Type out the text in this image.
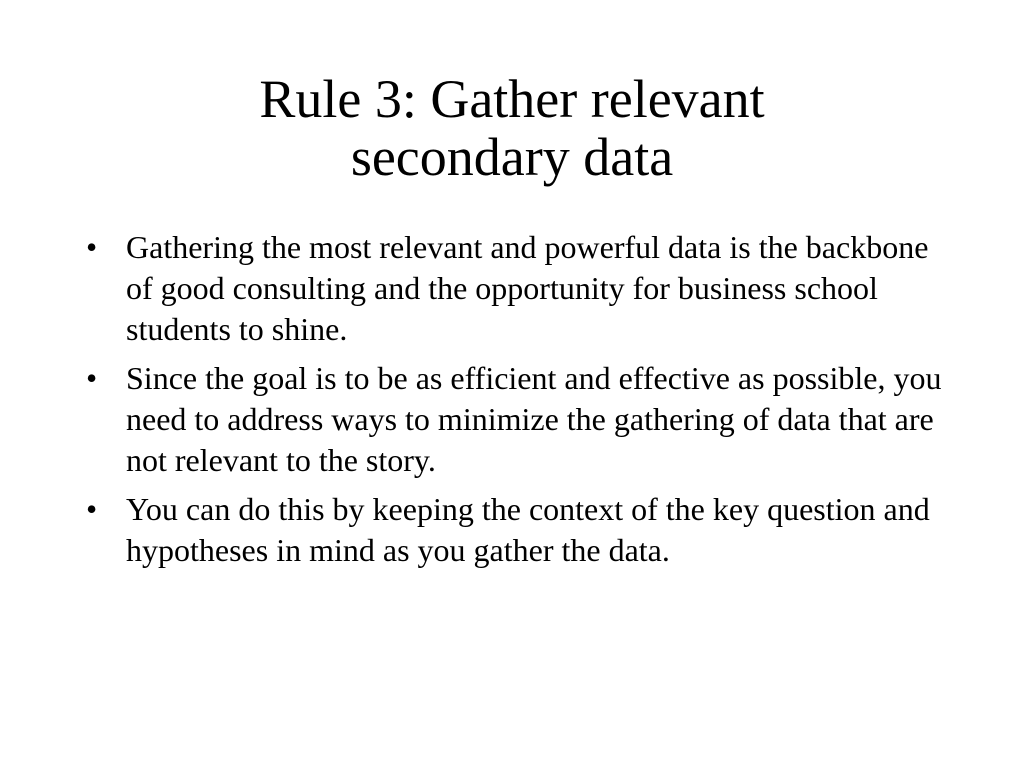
Rule 3: Gather relevant
secondary data
• Gathering the most relevant and powerful data is the backbone of good consulting and the opportunity for business school students to shine.
• Since the goal is to be as efficient and effective as possible, you need to address ways to minimize the gathering of data that are not relevant to the story.
• You can do this by keeping the context of the key question and hypotheses in mind as you gather the data.
